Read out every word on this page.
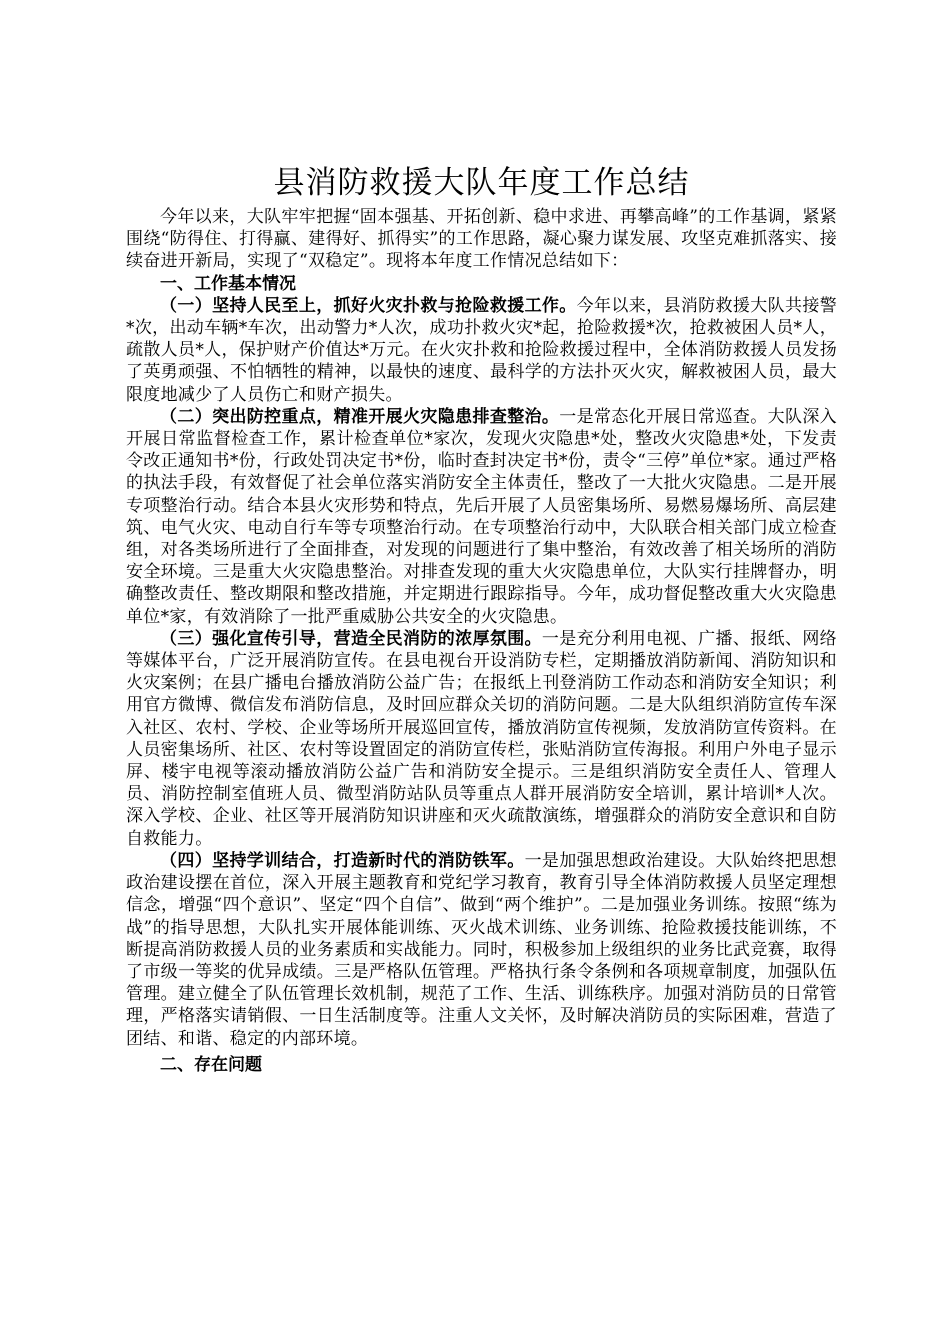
县消防救援大队年度工作总结

今年以来，大队牢牢把握“固本强基、开拓创新、稳中求进、再攀高峰”的工作基调，紧紧围绕“防得住、打得赢、建得好、抓得实”的工作思路，凝心聚力谋发展、攻坚克难抓落实、接续奋进开新局，实现了“双稳定”。现将本年度工作情况总结如下：

一、工作基本情况

（一）坚持人民至上，抓好火灾扑救与抢险救援工作。今年以来，县消防救援大队共接警*次，出动车辆*车次，出动警力*人次，成功扑救火灾*起，抢险救援*次，抢救被困人员*人，疏散人员*人，保护财产价值达*万元。在火灾扑救和抢险救援过程中，全体消防救援人员发扬了英勇顽强、不怕牺牲的精神，以最快的速度、最科学的方法扑灭火灾，解救被困人员，最大限度地减少了人员伤亡和财产损失。

（二）突出防控重点，精准开展火灾隐患排查整治。一是常态化开展日常巡查。大队深入开展日常监督检查工作，累计检查单位*家次，发现火灾隐患*处，整改火灾隐患*处，下发责令改正通知书*份，行政处罚决定书*份，临时查封决定书*份，责令“三停”单位*家。通过严格的执法手段，有效督促了社会单位落实消防安全主体责任，整改了一大批火灾隐患。二是开展专项整治行动。结合本县火灾形势和特点，先后开展了人员密集场所、易燃易爆场所、高层建筑、电气火灾、电动自行车等专项整治行动。在专项整治行动中，大队联合相关部门成立检查组，对各类场所进行了全面排查，对发现的问题进行了集中整治，有效改善了相关场所的消防安全环境。三是重大火灾隐患整治。对排查发现的重大火灾隐患单位，大队实行挂牌督办，明确整改责任、整改期限和整改措施，并定期进行跟踪指导。今年，成功督促整改重大火灾隐患单位*家，有效消除了一批严重威胁公共安全的火灾隐患。

（三）强化宣传引导，营造全民消防的浓厚氛围。一是充分利用电视、广播、报纸、网络等媒体平台，广泛开展消防宣传。在县电视台开设消防专栏，定期播放消防新闻、消防知识和火灾案例；在县广播电台播放消防公益广告；在报纸上刊登消防工作动态和消防安全知识；利用官方微博、微信发布消防信息，及时回应群众关切的消防问题。二是大队组织消防宣传车深入社区、农村、学校、企业等场所开展巡回宣传，播放消防宣传视频，发放消防宣传资料。在人员密集场所、社区、农村等设置固定的消防宣传栏，张贴消防宣传海报。利用户外电子显示屏、楼宇电视等滚动播放消防公益广告和消防安全提示。三是组织消防安全责任人、管理人员、消防控制室值班人员、微型消防站队员等重点人群开展消防安全培训，累计培训*人次。深入学校、企业、社区等开展消防知识讲座和灭火疏散演练，增强群众的消防安全意识和自防自救能力。

（四）坚持学训结合，打造新时代的消防铁军。一是加强思想政治建设。大队始终把思想政治建设摆在首位，深入开展主题教育和党纪学习教育，教育引导全体消防救援人员坚定理想信念，增强“四个意识”、坚定“四个自信”、做到“两个维护”。二是加强业务训练。按照“练为战”的指导思想，大队扎实开展体能训练、灭火战术训练、业务训练、抢险救援技能训练，不断提高消防救援人员的业务素质和实战能力。同时，积极参加上级组织的业务比武竞赛，取得了市级一等奖的优异成绩。三是严格队伍管理。严格执行条令条例和各项规章制度，加强队伍管理。建立健全了队伍管理长效机制，规范了工作、生活、训练秩序。加强对消防员的日常管理，严格落实请销假、一日生活制度等。注重人文关怀，及时解决消防员的实际困难，营造了团结、和谐、稳定的内部环境。

二、存在问题
